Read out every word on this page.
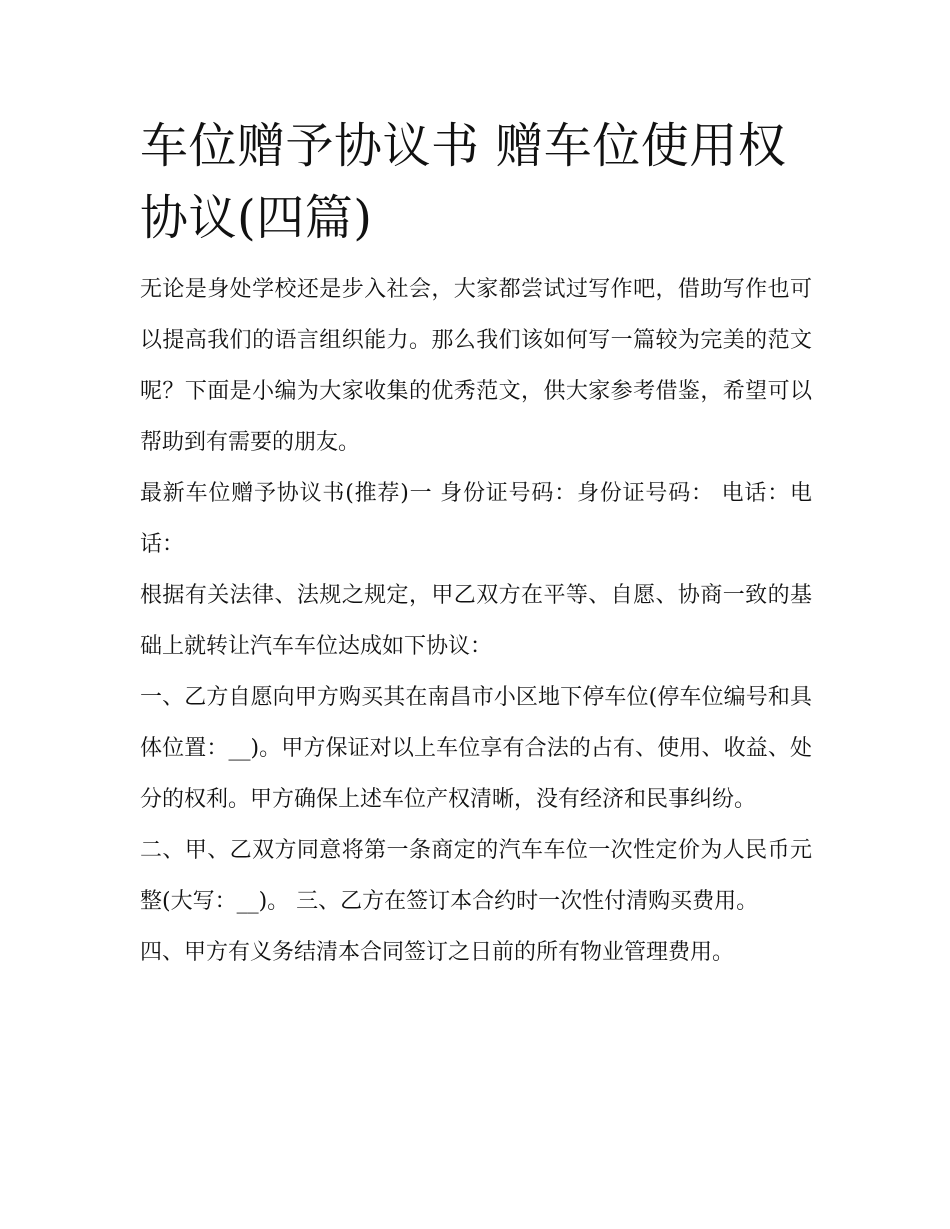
车位赠予协议书 赠车位使用权协议(四篇)

无论是身处学校还是步入社会，大家都尝试过写作吧，借助写作也可以提高我们的语言组织能力。那么我们该如何写一篇较为完美的范文呢？下面是小编为大家收集的优秀范文，供大家参考借鉴，希望可以帮助到有需要的朋友。

最新车位赠予协议书(推荐)一 身份证号码：身份证号码： 电话：电话：

根据有关法律、法规之规定，甲乙双方在平等、自愿、协商一致的基础上就转让汽车车位达成如下协议：

一、乙方自愿向甲方购买其在南昌市小区地下停车位(停车位编号和具体位置：__)。甲方保证对以上车位享有合法的占有、使用、收益、处分的权利。甲方确保上述车位产权清晰，没有经济和民事纠纷。

二、甲、乙双方同意将第一条商定的汽车车位一次性定价为人民币元整(大写：__)。 三、乙方在签订本合约时一次性付清购买费用。

四、甲方有义务结清本合同签订之日前的所有物业管理费用。
